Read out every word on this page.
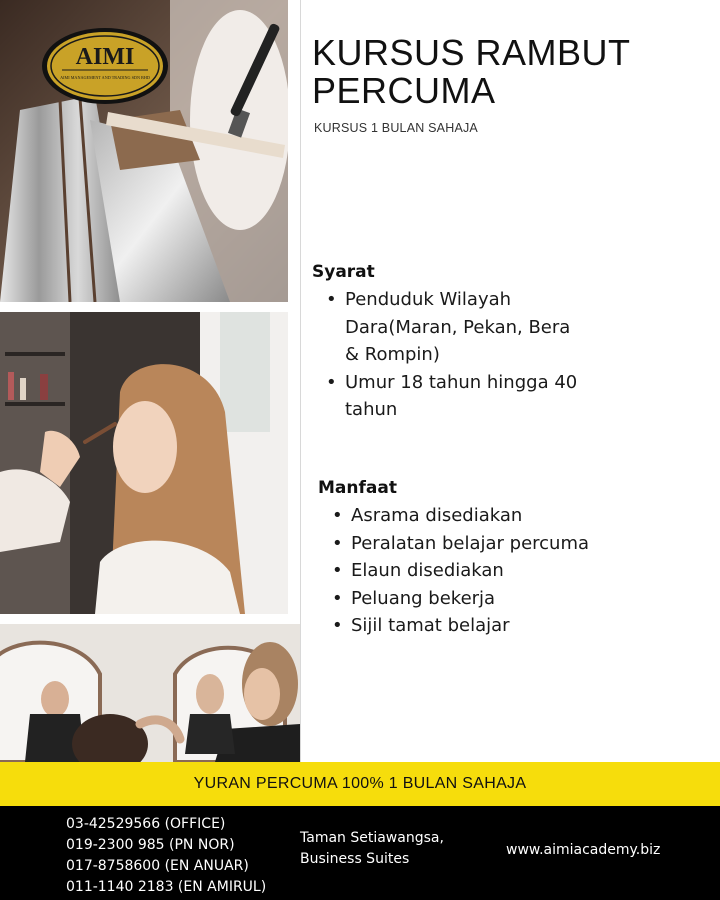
AIMI
AIMI MANAGEMENT AND TRADING SDN BHD
KURSUS RAMBUT
PERCUMA
KURSUS 1 BULAN SAHAJA
Syarat
• Penduduk Wilayah
Dara(Maran, Pekan, Bera
& Rompin)
• Umur 18 tahun hingga 40
tahun
Manfaat
• Asrama disediakan
• Peralatan belajar percuma
• Elaun disediakan
• Peluang bekerja
• Sijil tamat belajar
YURAN PERCUMA 100% 1 BULAN SAHAJA
03-42529566 (OFFICE)
019-2300 985 (PN NOR)
017-8758600 (EN ANUAR)
011-1140 2183 (EN AMIRUL)
Taman Setiawangsa,
Business Suites
www.aimiacademy.biz
